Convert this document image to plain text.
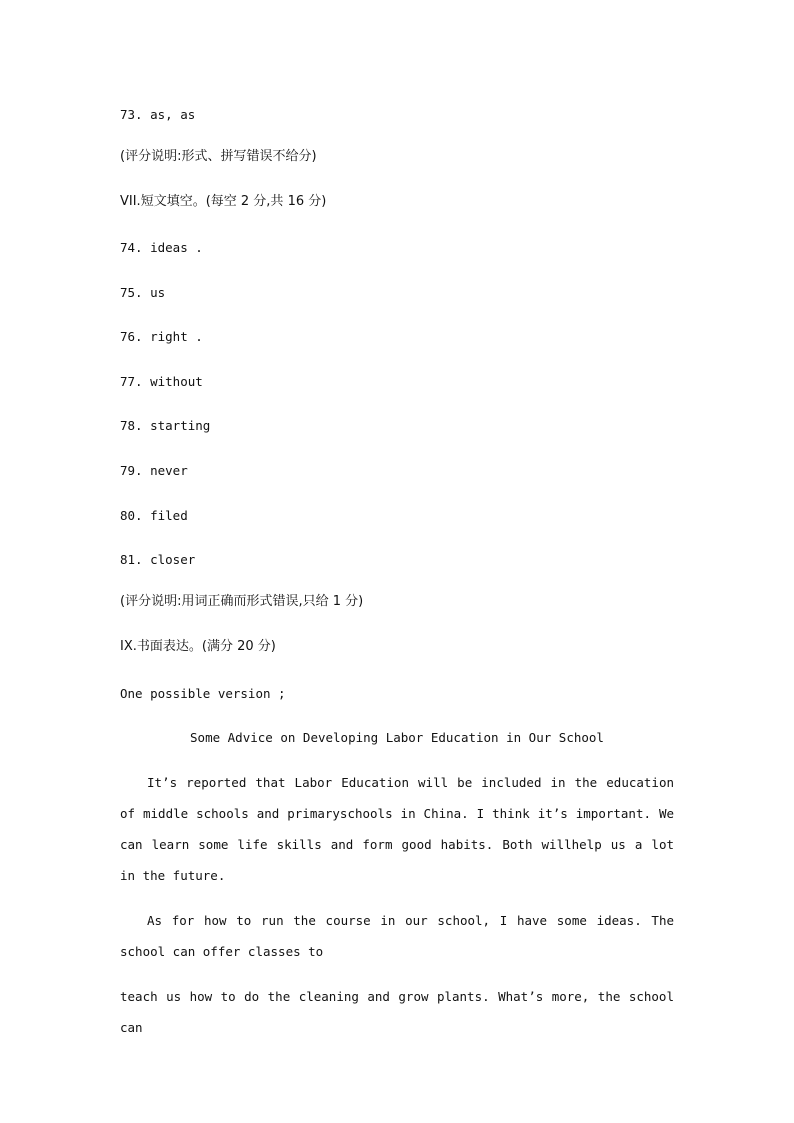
73. as, as
(评分说明:形式、拼写错误不给分)
VII.短文填空。(每空 2 分,共 16 分)
74. ideas .
75. us
76. right .
77. without
78. starting
79. never
80. filed
81. closer
(评分说明:用词正确而形式错误,只给 1 分)
IX.书面表达。(满分 20 分)
One possible version ;
Some Advice on Developing Labor Education in Our School
It’s reported that Labor Education will be included in the education of middle schools and primaryschools in China. I think it’s important. We can learn some life skills and form good habits. Both willhelp us a lot in the future.
As for how to run the course in our school, I have some ideas. The school can offer classes to
teach us how to do the cleaning and grow plants. What’s more, the school can
